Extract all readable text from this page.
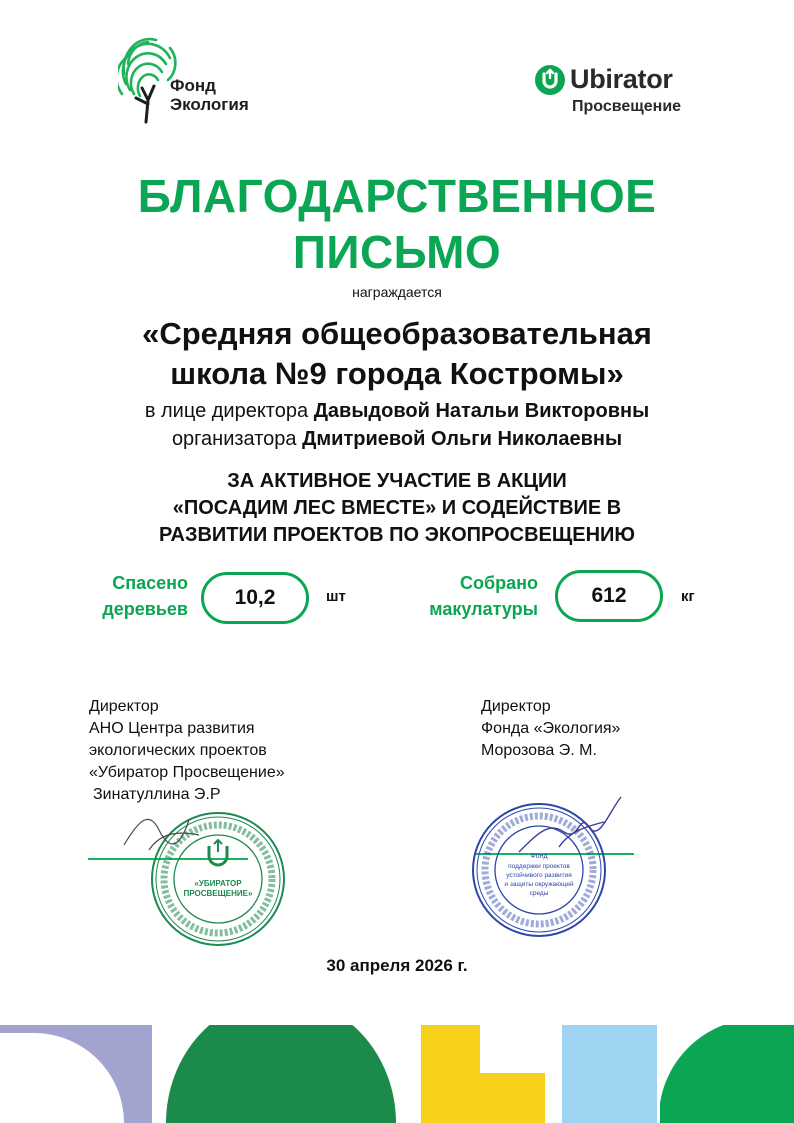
Фонд
Экология
Ubirator
Просвещение
БЛАГОДАРСТВЕННОЕ
ПИСЬМО
награждается
«Средняя общеобразовательная
школа №9 города Костромы»
в лице директора Давыдовой Натальи Викторовны
организатора Дмитриевой Ольги Николаевны
ЗА АКТИВНОЕ УЧАСТИЕ В АКЦИИ
«ПОСАДИМ ЛЕС ВМЕСТЕ» И СОДЕЙСТВИЕ В
РАЗВИТИИ ПРОЕКТОВ ПО ЭКОПРОСВЕЩЕНИЮ
Спасено
деревьев	10,2	шт
Собрано
макулатуры
612	кг
Директор
АНО Центра развития
экологических проектов
«Убиратор Просвещение»
Зинатуллина Э.Р
Директор
Фонда «Экология»
Морозова Э. М.
«УБИРАТОР
ПРОСВЕЩЕНИЕ»
Фонд
поддержки проектов
устойчивого развития
и защиты окружающей
среды
30 апреля 2026 г.
